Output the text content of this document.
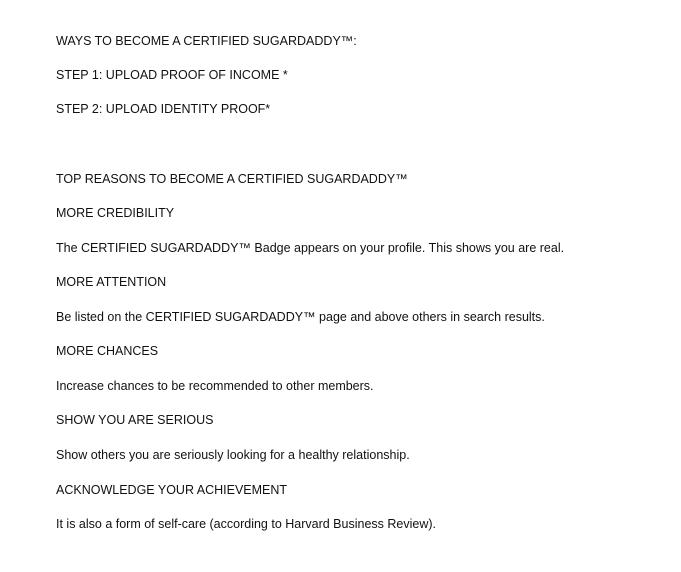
WAYS TO BECOME A CERTIFIED SUGARDADDY™:

STEP 1: UPLOAD PROOF OF INCOME *

STEP 2: UPLOAD IDENTITY PROOF*

TOP REASONS TO BECOME A CERTIFIED SUGARDADDY™

MORE CREDIBILITY

The CERTIFIED SUGARDADDY™ Badge appears on your profile. This shows you are real.

MORE ATTENTION

Be listed on the CERTIFIED SUGARDADDY™ page and above others in search results.

MORE CHANCES

Increase chances to be recommended to other members.

SHOW YOU ARE SERIOUS

Show others you are seriously looking for a healthy relationship.

ACKNOWLEDGE YOUR ACHIEVEMENT

It is also a form of self-care (according to Harvard Business Review).
